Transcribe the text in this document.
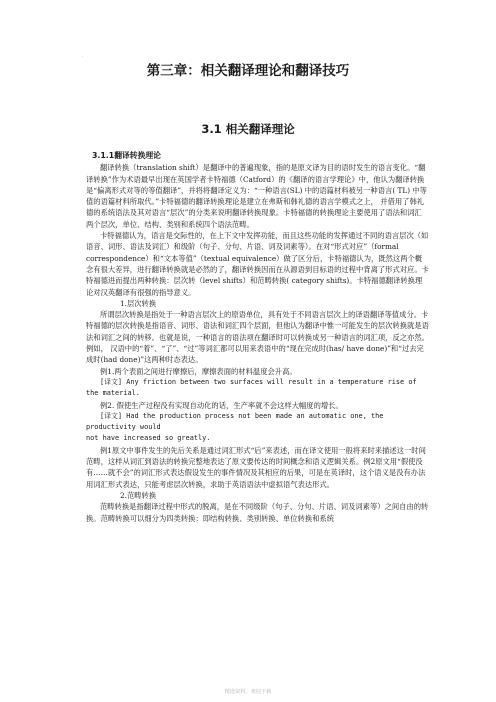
·
第三章：相关翻译理论和翻译技巧
3.1 相关翻译理论

3.1.1翻译转换理论

翻译转换（translation shift）是翻译中的普遍现象，指的是原文译为目的语时发生的语言变化。“翻译转换”作为术语最早出现在英国学者卡特福德（Catford）的《翻译的语言学理论》中，他认为翻译转换是“偏离形式对等的等值翻译”，并将将翻译定义为：“一种语言(SL) 中的语篇材料被另一种语言( TL) 中等值的语篇材料所取代。”卡特福德的翻译转换理论是建立在弗斯和韩礼德的语言学模式之上， 并借用了韩礼德的系统语法及其对语言“层次”的分类来说明翻译转换现象。卡特福德的转换理论主要使用了语法和词汇两个层次，单位、结构、类别和系统四个语法范畴。

卡特福德认为，语言是交际性的，在上下文中发挥功能，而且这些功能的发挥通过不同的语言层次（如语音、词形、语法及词汇）和级阶（句子、分句、片语、词及词素等）。在对“形式对应”（formal correspondence）和“文本等值”（textual equivalence）做了区分后，卡特福德认为，既然这两个概念有很大差异，进行翻译转换就是必然的了，翻译转换因而在从源语到目标语的过程中背离了形式对应。卡特福德进而提出两种转换：层次转（level shifts）和范畴转换( category shifts)。卡特福德翻译转换理论对汉英翻译有很强的指导意义。

1.层次转换

所谓层次转换是指处于一种语言层次上的原语单位，具有处于不同语言层次上的译语翻译等值成分。卡特福德的层次转换是指语音、词形、语法和词汇四个层面，但他认为翻译中惟一可能发生的层次转换就是语法和词汇之间的转移。也就是说，一种语言的语法项在翻译时可以转换成另一种语言的词汇项，反之亦然。例如， 汉语中的“着”、“了”、“过”等词汇都可以用来表语中的“现在完成时(has/ have done)”和“过去完成时(had done)”这两种时态表达。

例1.两个表面之间进行摩擦后，摩擦表面的材料温度会升高。

[译文] Any friction between two surfaces will result in a temperature rise of the material.

例2. 假使生产过程没有实现自动化的话，生产率就不会这样大幅度的增长。

[译文] Had the production process not been made an automatic one, the productivity would

not have increased so greatly.

例1原文中事件发生的先后关系是通过词汇形式“后”来表述，而在译文使用一般将来时来描述这一时间范畴，这样从词汇到语法的转换完整地表达了原文要传达的时间概念和语义逻辑关系。例2原文用“假使没有……就不会”的词汇形式表达假设发生的事件情况及其相应的后果，可是在英译时，这个语义是没有办法用词汇形式表达，只能考虑层次转换，求助于英语语法中虚拟语气表达形式。

2.范畴转换

范畴转换是指翻译过程中形式的脱离，是在不同级阶（句子、分句、片语、词及词素等）之间自由的转换。范畴转换可以细分为四类转换：即结构转换、类别转换、单位转换和系统

精选资料，欢迎下载
